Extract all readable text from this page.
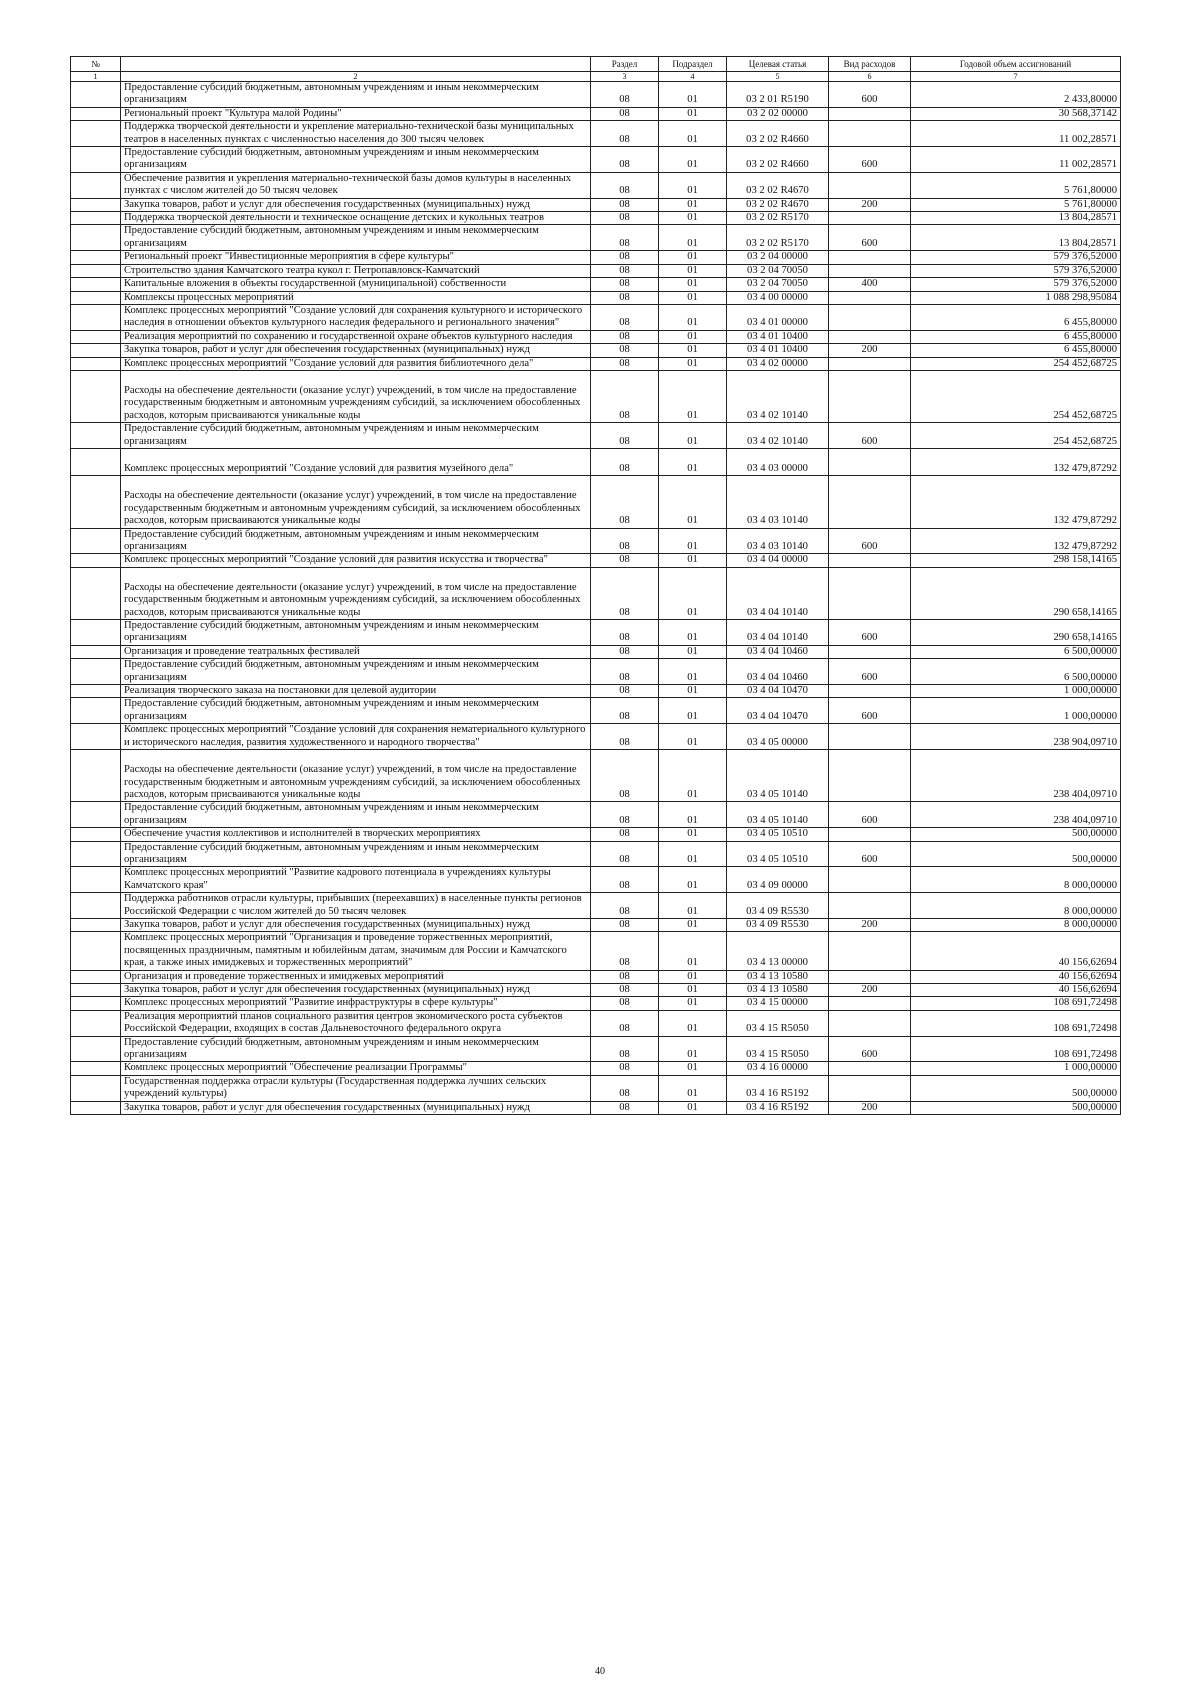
№		Раздел	Подраздел	Целевая статья	Вид расходов	Годовой объем ассигнований
1	2	3	4	5	6	7
	Предоставление субсидий бюджетным, автономным учреждениям и иным некоммерческим организациям	08	01	03 2 01 R5190	600	2 433,80000
	Региональный проект "Культура малой Родины"	08	01	03 2 02 00000		30 568,37142
	Поддержка творческой деятельности и укрепление материально-технической базы муниципальных театров в населенных пунктах с численностью населения до 300 тысяч человек	08	01	03 2 02 R4660		11 002,28571
	Предоставление субсидий бюджетным, автономным учреждениям и иным некоммерческим организациям	08	01	03 2 02 R4660	600	11 002,28571
	Обеспечение развития и укрепления материально-технической базы домов культуры в населенных пунктах с числом жителей до 50 тысяч человек	08	01	03 2 02 R4670		5 761,80000
	Закупка товаров, работ и услуг для обеспечения государственных (муниципальных) нужд	08	01	03 2 02 R4670	200	5 761,80000
	Поддержка творческой деятельности и техническое оснащение детских и кукольных театров	08	01	03 2 02 R5170		13 804,28571
	Предоставление субсидий бюджетным, автономным учреждениям и иным некоммерческим организациям	08	01	03 2 02 R5170	600	13 804,28571
	Региональный проект "Инвестиционные мероприятия в сфере культуры"	08	01	03 2 04 00000		579 376,52000
	Строительство здания Камчатского театра кукол г. Петропавловск-Камчатский	08	01	03 2 04 70050		579 376,52000
	Капитальные вложения в объекты государственной (муниципальной) собственности	08	01	03 2 04 70050	400	579 376,52000
	Комплексы процессных мероприятий	08	01	03 4 00 00000		1 088 298,95084
	Комплекс процессных мероприятий "Создание условий для сохранения культурного и исторического наследия в отношении объектов культурного наследия федерального и регионального значения"	08	01	03 4 01 00000		6 455,80000
	Реализация мероприятий по сохранению и государственной охране объектов культурного наследия	08	01	03 4 01 10400		6 455,80000
	Закупка товаров, работ и услуг для обеспечения государственных (муниципальных) нужд	08	01	03 4 01 10400	200	6 455,80000
	Комплекс процессных мероприятий "Создание условий для развития библиотечного дела"	08	01	03 4 02 00000		254 452,68725
	Расходы на обеспечение деятельности (оказание услуг) учреждений, в том числе на предоставление государственным бюджетным и автономным учреждениям субсидий, за исключением обособленных расходов, которым присваиваются уникальные коды	08	01	03 4 02 10140		254 452,68725
	Предоставление субсидий бюджетным, автономным учреждениям и иным некоммерческим организациям	08	01	03 4 02 10140	600	254 452,68725
	Комплекс процессных мероприятий "Создание условий для развития музейного дела"	08	01	03 4 03 00000		132 479,87292
	Расходы на обеспечение деятельности (оказание услуг) учреждений, в том числе на предоставление государственным бюджетным и автономным учреждениям субсидий, за исключением обособленных расходов, которым присваиваются уникальные коды	08	01	03 4 03 10140		132 479,87292
	Предоставление субсидий бюджетным, автономным учреждениям и иным некоммерческим организациям	08	01	03 4 03 10140	600	132 479,87292
	Комплекс процессных мероприятий "Создание условий для развития искусства и творчества"	08	01	03 4 04 00000		298 158,14165
	Расходы на обеспечение деятельности (оказание услуг) учреждений, в том числе на предоставление государственным бюджетным и автономным учреждениям субсидий, за исключением обособленных расходов, которым присваиваются уникальные коды	08	01	03 4 04 10140		290 658,14165
	Предоставление субсидий бюджетным, автономным учреждениям и иным некоммерческим организациям	08	01	03 4 04 10140	600	290 658,14165
	Организация и проведение театральных фестивалей	08	01	03 4 04 10460		6 500,00000
	Предоставление субсидий бюджетным, автономным учреждениям и иным некоммерческим организациям	08	01	03 4 04 10460	600	6 500,00000
	Реализация творческого заказа на постановки для целевой аудитории	08	01	03 4 04 10470		1 000,00000
	Предоставление субсидий бюджетным, автономным учреждениям и иным некоммерческим организациям	08	01	03 4 04 10470	600	1 000,00000
	Комплекс процессных мероприятий "Создание условий для сохранения нематериального культурного и исторического наследия, развития художественного и народного творчества"	08	01	03 4 05 00000		238 904,09710
	Расходы на обеспечение деятельности (оказание услуг) учреждений, в том числе на предоставление государственным бюджетным и автономным учреждениям субсидий, за исключением обособленных расходов, которым присваиваются уникальные коды	08	01	03 4 05 10140		238 404,09710
	Предоставление субсидий бюджетным, автономным учреждениям и иным некоммерческим организациям	08	01	03 4 05 10140	600	238 404,09710
	Обеспечение участия коллективов и исполнителей в творческих мероприятиях	08	01	03 4 05 10510		500,00000
	Предоставление субсидий бюджетным, автономным учреждениям и иным некоммерческим организациям	08	01	03 4 05 10510	600	500,00000
	Комплекс процессных мероприятий "Развитие кадрового потенциала в учреждениях культуры Камчатского края"	08	01	03 4 09 00000		8 000,00000
	Поддержка работников отрасли культуры, прибывших (переехавших) в населенные пункты регионов Российской Федерации с числом жителей до 50 тысяч человек	08	01	03 4 09 R5530		8 000,00000
	Закупка товаров, работ и услуг для обеспечения государственных (муниципальных) нужд	08	01	03 4 09 R5530	200	8 000,00000
	Комплекс процессных мероприятий "Организация и проведение торжественных мероприятий, посвященных праздничным, памятным и юбилейным датам, значимым для России и Камчатского края, а также иных имиджевых и торжественных мероприятий"	08	01	03 4 13 00000		40 156,62694
	Организация и проведение торжественных и имиджевых мероприятий	08	01	03 4 13 10580		40 156,62694
	Закупка товаров, работ и услуг для обеспечения государственных (муниципальных) нужд	08	01	03 4 13 10580	200	40 156,62694
	Комплекс процессных мероприятий "Развитие инфраструктуры в сфере культуры"	08	01	03 4 15 00000		108 691,72498
	Реализация мероприятий планов социального развития центров экономического роста субъектов Российской Федерации, входящих в состав Дальневосточного федерального округа	08	01	03 4 15 R5050		108 691,72498
	Предоставление субсидий бюджетным, автономным учреждениям и иным некоммерческим организациям	08	01	03 4 15 R5050	600	108 691,72498
	Комплекс процессных мероприятий "Обеспечение реализации Программы"	08	01	03 4 16 00000		1 000,00000
	Государственная поддержка отрасли культуры (Государственная поддержка лучших сельских учреждений культуры)	08	01	03 4 16 R5192		500,00000
	Закупка товаров, работ и услуг для обеспечения государственных (муниципальных) нужд	08	01	03 4 16 R5192	200	500,00000
40
